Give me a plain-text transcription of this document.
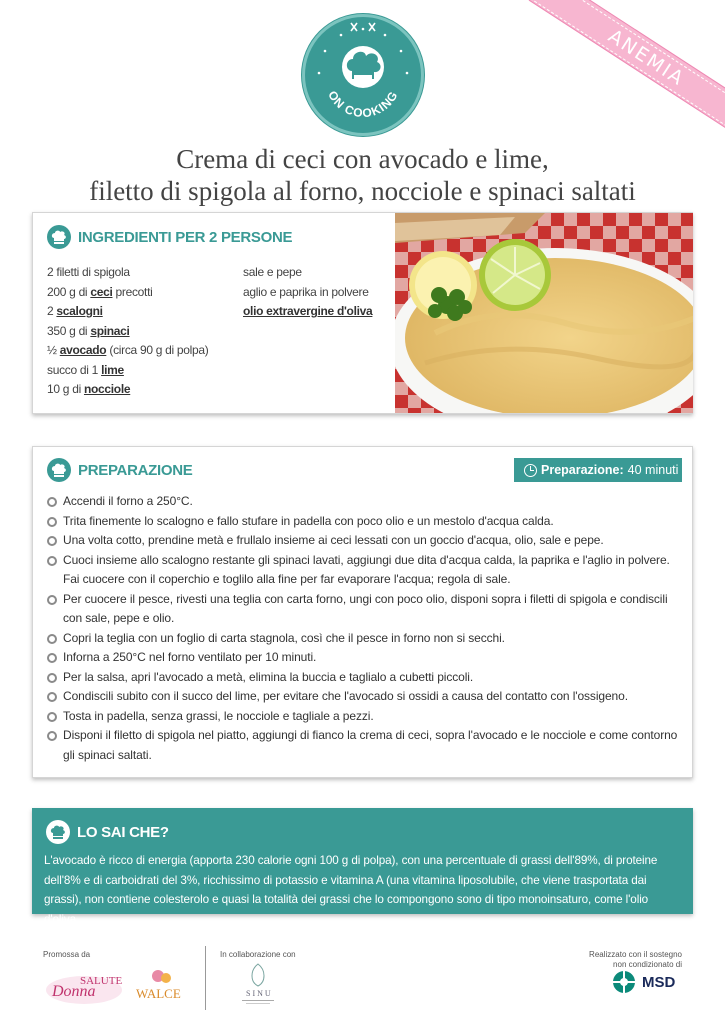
ANEMIA
ON COOKING
Crema di ceci con avocado e lime,
filetto di spigola al forno, nocciole e spinaci saltati
INGREDIENTI PER 2 PERSONE
2 filetti di spigola
200 g di ceci precotti
2 scalogni
350 g di spinaci
½ avocado (circa 90 g di polpa)
succo di 1 lime
10 g di nocciole
sale e pepe
aglio e paprika in polvere
olio extravergine d'oliva
PREPARAZIONE	Preparazione: 40 minuti
Accendi il forno a 250°C.
Trita finemente lo scalogno e fallo stufare in padella con poco olio e un mestolo d'acqua calda.
Una volta cotto, prendine metà e frullalo insieme ai ceci lessati con un goccio d'acqua, olio, sale e pepe.
Cuoci insieme allo scalogno restante gli spinaci lavati, aggiungi due dita d'acqua calda, la paprika e l'aglio in polvere. Fai cuocere con il coperchio e toglilo alla fine per far evaporare l'acqua; regola di sale.
Per cuocere il pesce, rivesti una teglia con carta forno, ungi con poco olio, disponi sopra i filetti di spigola e condiscili con sale, pepe e olio.
Copri la teglia con un foglio di carta stagnola, così che il pesce in forno non si secchi.
Inforna a 250°C nel forno ventilato per 10 minuti.
Per la salsa, apri l'avocado a metà, elimina la buccia e taglialo a cubetti piccoli.
Condiscili subito con il succo del lime, per evitare che l'avocado si ossidi a causa del contatto con l'ossigeno.
Tosta in padella, senza grassi, le nocciole e tagliale a pezzi.
Disponi il filetto di spigola nel piatto, aggiungi di fianco la crema di ceci, sopra l'avocado e le nocciole e come contorno gli spinaci saltati.
LO SAI CHE?
L'avocado è ricco di energia (apporta 230 calorie ogni 100 g di polpa), con una percentuale di grassi dell'89%, di proteine dell'8% e di carboidrati del 3%, ricchissimo di potassio e vitamina A (una vitamina liposolubile, che viene trasportata dai grassi), non contiene colesterolo e quasi la totalità dei grassi che lo compongono sono di tipo monoinsaturo, come l'olio d'oliva.
Promossa da	In collaborazione con	Realizzato con il sostegno
non condizionato di
SALUTE
Donna	WALCE	SINU
MSD
